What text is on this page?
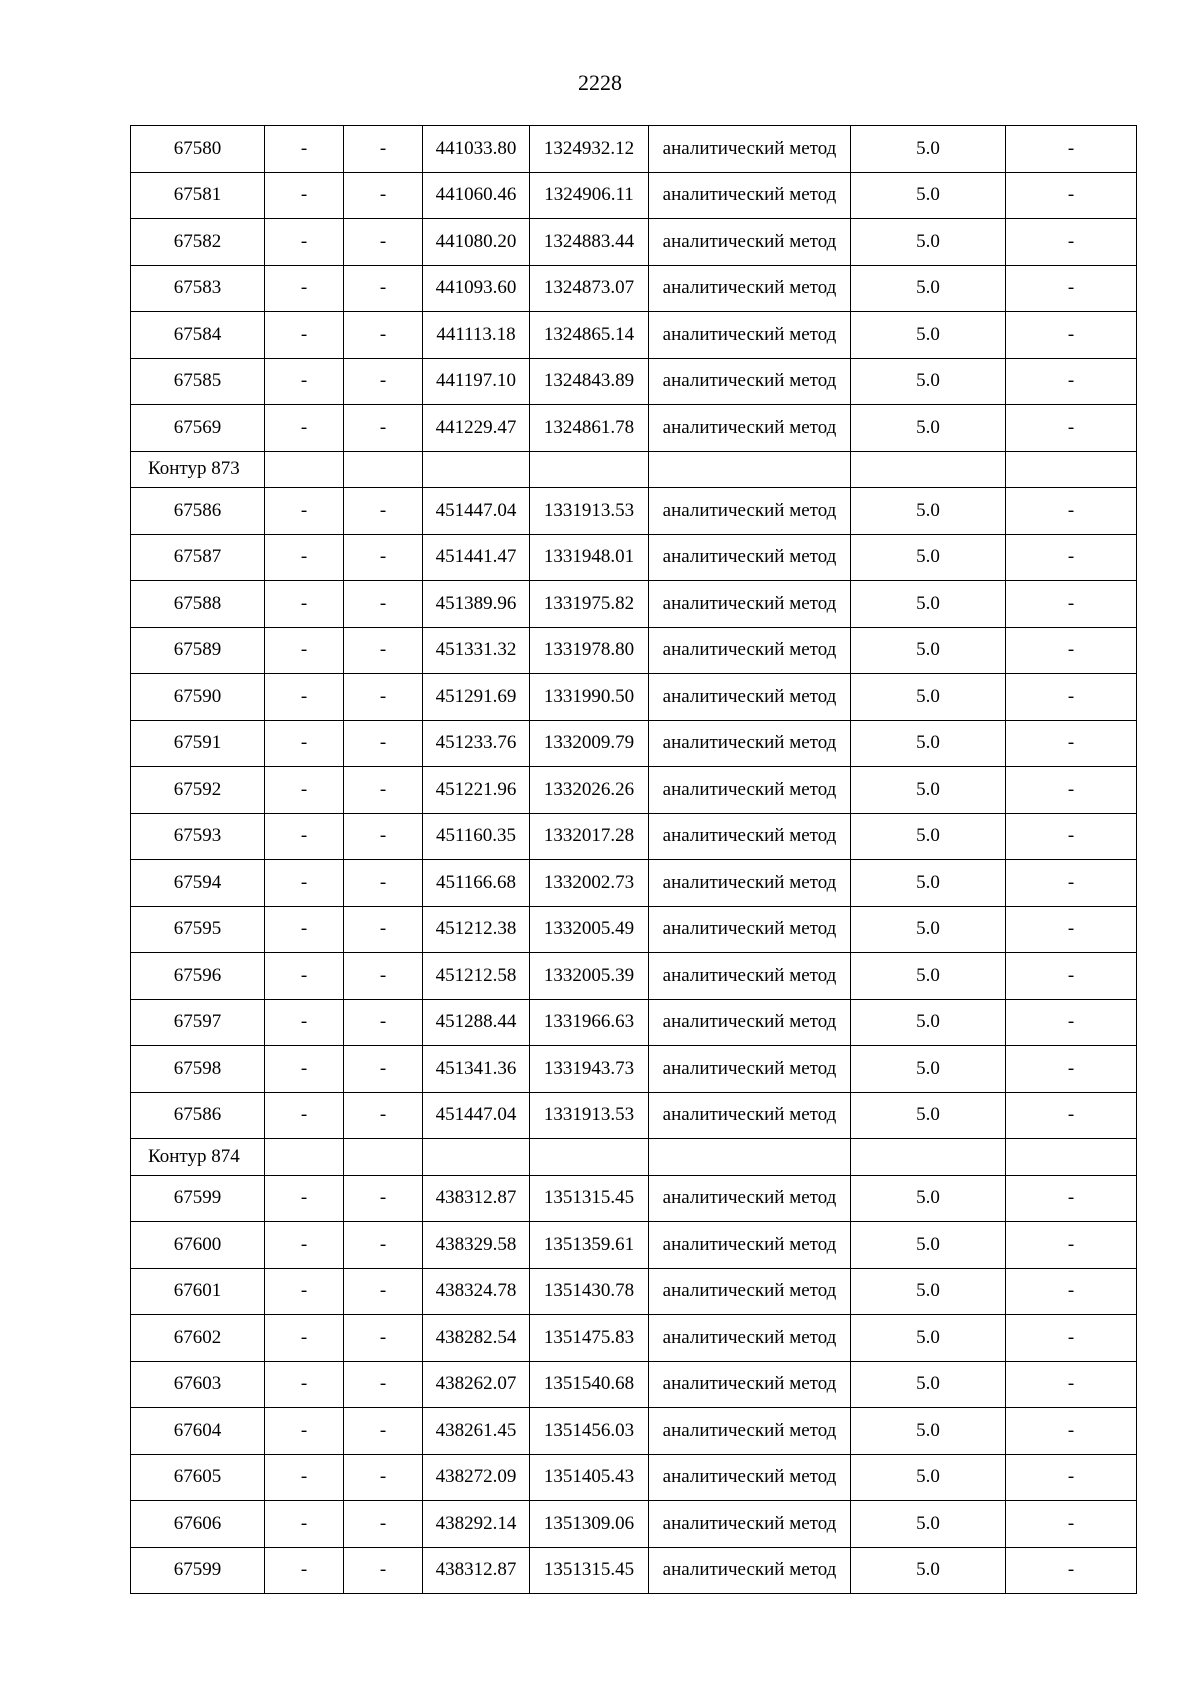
2228
67580	-	-	441033.80	1324932.12	аналитический метод	5.0	-
67581	-	-	441060.46	1324906.11	аналитический метод	5.0	-
67582	-	-	441080.20	1324883.44	аналитический метод	5.0	-
67583	-	-	441093.60	1324873.07	аналитический метод	5.0	-
67584	-	-	441113.18	1324865.14	аналитический метод	5.0	-
67585	-	-	441197.10	1324843.89	аналитический метод	5.0	-
67569	-	-	441229.47	1324861.78	аналитический метод	5.0	-
Контур 873							
67586	-	-	451447.04	1331913.53	аналитический метод	5.0	-
67587	-	-	451441.47	1331948.01	аналитический метод	5.0	-
67588	-	-	451389.96	1331975.82	аналитический метод	5.0	-
67589	-	-	451331.32	1331978.80	аналитический метод	5.0	-
67590	-	-	451291.69	1331990.50	аналитический метод	5.0	-
67591	-	-	451233.76	1332009.79	аналитический метод	5.0	-
67592	-	-	451221.96	1332026.26	аналитический метод	5.0	-
67593	-	-	451160.35	1332017.28	аналитический метод	5.0	-
67594	-	-	451166.68	1332002.73	аналитический метод	5.0	-
67595	-	-	451212.38	1332005.49	аналитический метод	5.0	-
67596	-	-	451212.58	1332005.39	аналитический метод	5.0	-
67597	-	-	451288.44	1331966.63	аналитический метод	5.0	-
67598	-	-	451341.36	1331943.73	аналитический метод	5.0	-
67586	-	-	451447.04	1331913.53	аналитический метод	5.0	-
Контур 874							
67599	-	-	438312.87	1351315.45	аналитический метод	5.0	-
67600	-	-	438329.58	1351359.61	аналитический метод	5.0	-
67601	-	-	438324.78	1351430.78	аналитический метод	5.0	-
67602	-	-	438282.54	1351475.83	аналитический метод	5.0	-
67603	-	-	438262.07	1351540.68	аналитический метод	5.0	-
67604	-	-	438261.45	1351456.03	аналитический метод	5.0	-
67605	-	-	438272.09	1351405.43	аналитический метод	5.0	-
67606	-	-	438292.14	1351309.06	аналитический метод	5.0	-
67599	-	-	438312.87	1351315.45	аналитический метод	5.0	-
